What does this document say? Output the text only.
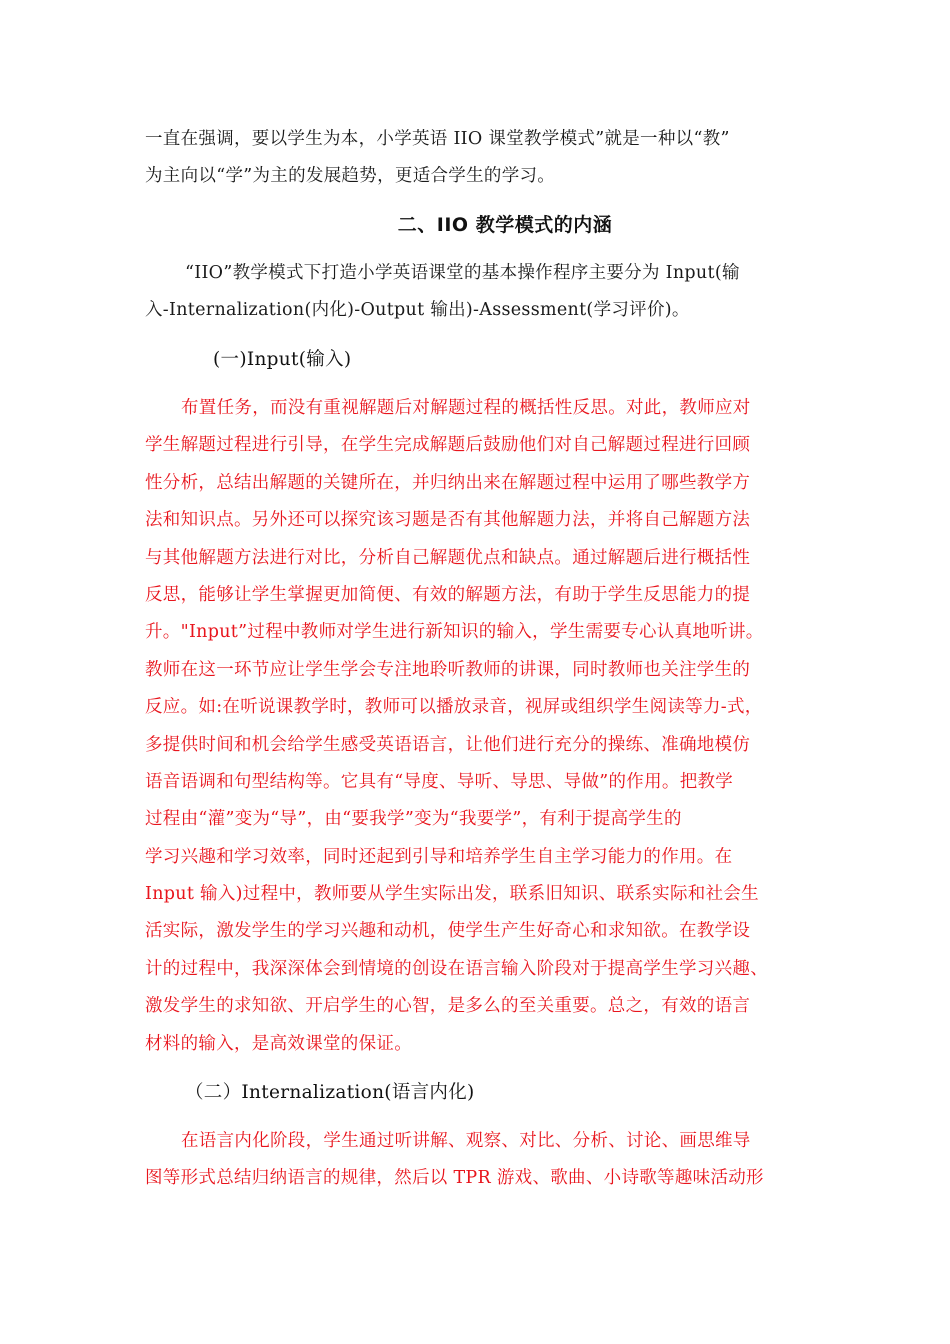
一直在强调，要以学生为本，小学英语 IIO 课堂教学模式”就是一种以“教”
为主向以“学”为主的发展趋势，更适合学生的学习。
二、IIO 教学模式的内涵
“IIO”教学模式下打造小学英语课堂的基本操作程序主要分为 Input(输
入-Internalization(内化)-Output 输出)-Assessment(学习评价)。
(一)Input(输入)
布置任务，而没有重视解题后对解题过程的概括性反思。对此，教师应对
学生解题过程进行引导，在学生完成解题后鼓励他们对自己解题过程进行回顾
性分析，总结出解题的关键所在，并归纳出来在解题过程中运用了哪些教学方
法和知识点。另外还可以探究该习题是否有其他解题力法，并将自己解题方法
与其他解题方法进行对比，分析自己解题优点和缺点。通过解题后进行概括性
反思，能够让学生掌握更加简便、有效的解题方法，有助于学生反思能力的提
升。"Input”过程中教师对学生进行新知识的输入，学生需要专心认真地听讲。
教师在这一环节应让学生学会专注地聆听教师的讲课，同时教师也关注学生的
反应。如:在听说课教学时，教师可以播放录音，视屏或组织学生阅读等力-式，
多提供时间和机会给学生感受英语语言，让他们进行充分的操练、准确地模仿
语音语调和句型结构等。它具有“导度、导听、导思、导做”的作用。把教学
过程由“灌”变为“导”，由“要我学”变为“我要学”，有利于提高学生的
学习兴趣和学习效率，同时还起到引导和培养学生自主学习能力的作用。在
Input 输入)过程中，教师要从学生实际出发，联系旧知识、联系实际和社会生
活实际，激发学生的学习兴趣和动机，使学生产生好奇心和求知欲。在教学设
计的过程中，我深深体会到情境的创设在语言输入阶段对于提高学生学习兴趣、
激发学生的求知欲、开启学生的心智，是多么的至关重要。总之，有效的语言
材料的输入，是高效课堂的保证。
（二）Internalization(语言内化)
在语言内化阶段，学生通过听讲解、观察、对比、分析、讨论、画思维导
图等形式总结归纳语言的规律，然后以 TPR 游戏、歌曲、小诗歌等趣味活动形
